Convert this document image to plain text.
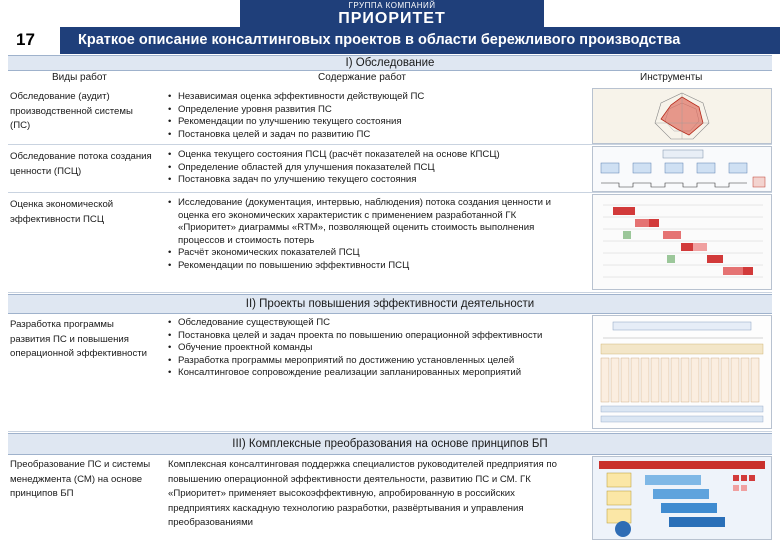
17
ГРУППА КОМПАНИЙ
ПРИОРИТЕТ
Краткое описание консалтинговых проектов в области бережливого производства
I) Обследование
Виды работ	Содержание работ	Инструменты
Обследование (аудит) производственной системы (ПС)
• Независимая оценка эффективности действующей ПС
• Определение уровня развития ПС
• Рекомендации по улучшению текущего состояния
• Постановка целей и задач по развитию ПС
Обследование потока создания ценности (ПСЦ)
• Оценка текущего состояния ПСЦ (расчёт показателей на основе КПСЦ)
• Определение областей для улучшения показателей ПСЦ
• Постановка задач по улучшению текущего состояния
Оценка экономической эффективности ПСЦ
• Исследование (документация, интервью, наблюдения) потока создания ценности и оценка его экономических характеристик с применением разработанной ГК «Приоритет» диаграммы «RTM», позволяющей оценить стоимость выполнения процессов и стоимость потерь
• Расчёт экономических показателей ПСЦ
• Рекомендации по повышению эффективности ПСЦ
II) Проекты повышения эффективности деятельности
Разработка программы развития ПС и повышения операционной эффективности
• Обследование существующей ПС
• Постановка целей и задач проекта по повышению операционной эффективности
• Обучение проектной команды
• Разработка программы мероприятий по достижению установленных целей
• Консалтинговое сопровождение реализации запланированных мероприятий
III) Комплексные преобразования на основе принципов БП
Преобразование ПС и системы менеджмента (СМ) на основе принципов БП
Комплексная консалтинговая поддержка специалистов руководителей предприятия по повышению операционной эффективности деятельности, развитию ПС и СМ. ГК «Приоритет» применяет высокоэффективную, апробированную в российских предприятиях каскадную технологию разработки, развёртывания и управления преобразованиями
